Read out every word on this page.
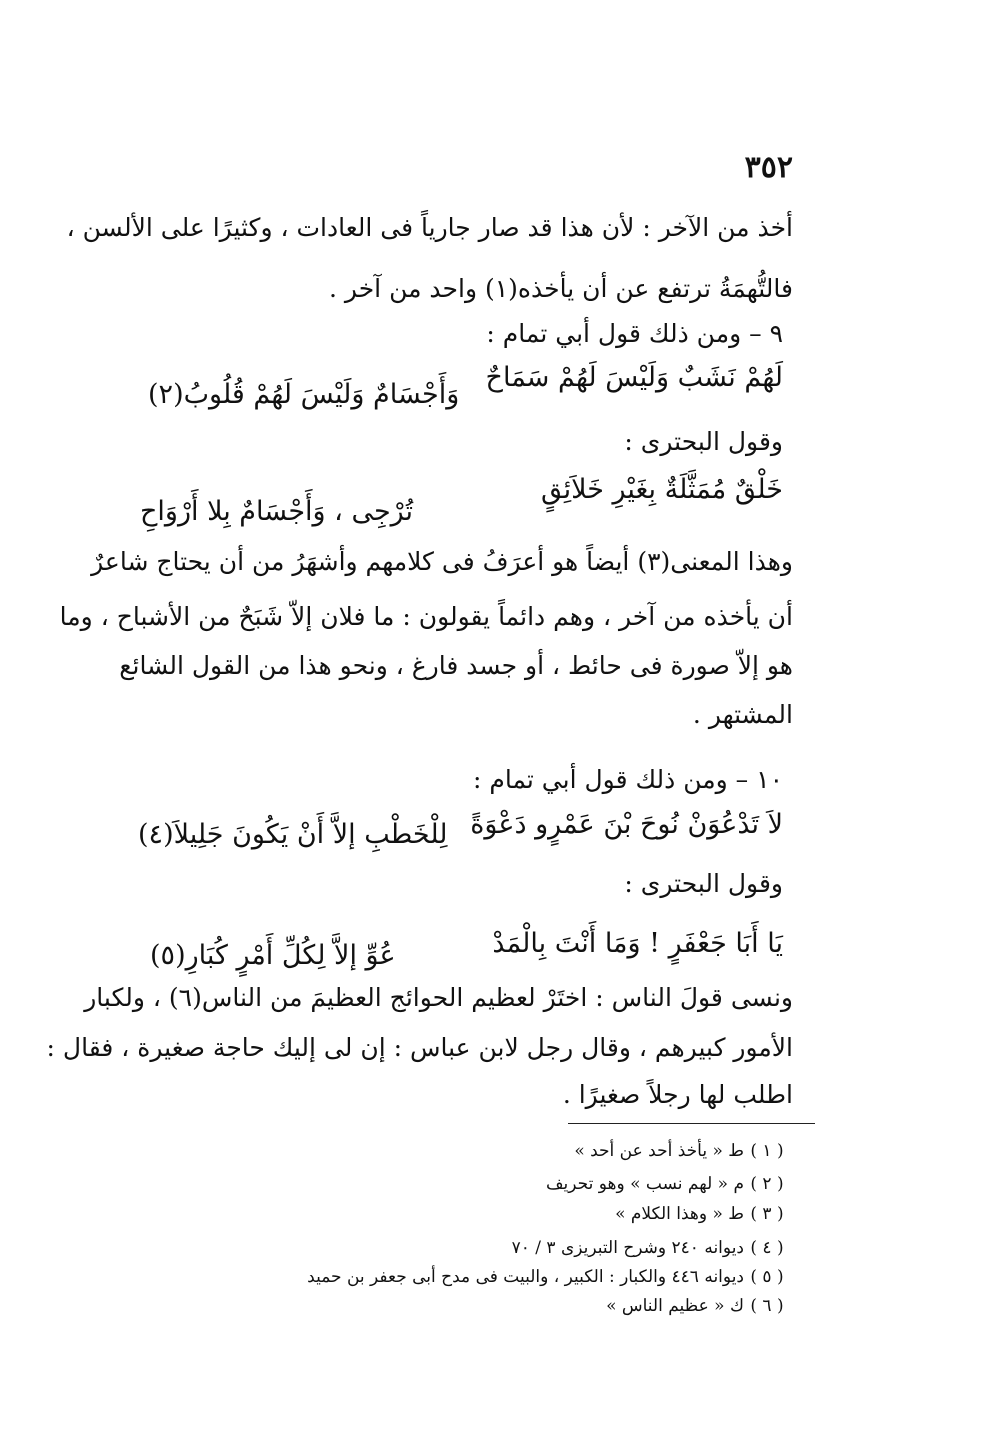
٣٥٢
أخذ من الآخر : لأن هذا قد صار جارياً فى العادات ، وكثيرًا على الألسن ،
فالتُّهمَةُ ترتفع عن أن يأخذه(١) واحد من آخر .
٩ – ومن ذلك قول أبي تمام :
لَهُمْ نَشَبٌ وَلَيْسَ لَهُمْ سَمَاحٌ
وَأَجْسَامٌ وَلَيْسَ لَهُمْ قُلُوبُ(٢)
وقول البحترى :
خَلْقٌ مُمَثَّلَةٌ بِغَيْرِ خَلاَئِقٍ
تُرْجِى ، وَأَجْسَامٌ بِلا أَرْوَاحِ
وهذا المعنى(٣) أيضاً هو أعرَفُ فى كلامهم وأشهَرُ من أن يحتاج شاعرٌ
أن يأخذه من آخر ، وهم دائماً يقولون : ما فلان إلاّ شَبَحٌ من الأشباح ، وما
هو إلاّ صورة فى حائط ، أو جسد فارغ ، ونحو هذا من القول الشائع
المشتهر .
١٠ – ومن ذلك قول أبي تمام :
لاَ تَدْعُوَنْ نُوحَ بْنَ عَمْرٍو دَعْوَةً
لِلْخَطْبِ إلاَّ أَنْ يَكُونَ جَلِيلاَ(٤)
وقول البحترى :
يَا أَبَا جَعْفَرٍ ! وَمَا أَنْتَ بِالْمَدْ
عُوِّ إلاَّ لِكُلِّ أَمْرٍ كُبَارِ(٥)
ونسى قولَ الناس : اختَرْ لعظيم الحوائج العظيمَ من الناس(٦) ، ولكبار
الأمور كبيرهم ، وقال رجل لابن عباس : إن لى إليك حاجة صغيرة ، فقال :
اطلب لها رجلاً صغيرًا .
( ١ )ط « يأخذ أحد عن أحد »
( ٢ )م « لهم نسب » وهو تحريف
( ٣ )ط « وهذا الكلام »
( ٤ )ديوانه ٢٤٠ وشرح التبريزى ٣ / ٧٠
( ٥ )ديوانه ٤٤٦ والكبار : الكبير ، والبيت فى مدح أبى جعفر بن حميد
( ٦ )ك « عظيم الناس »
